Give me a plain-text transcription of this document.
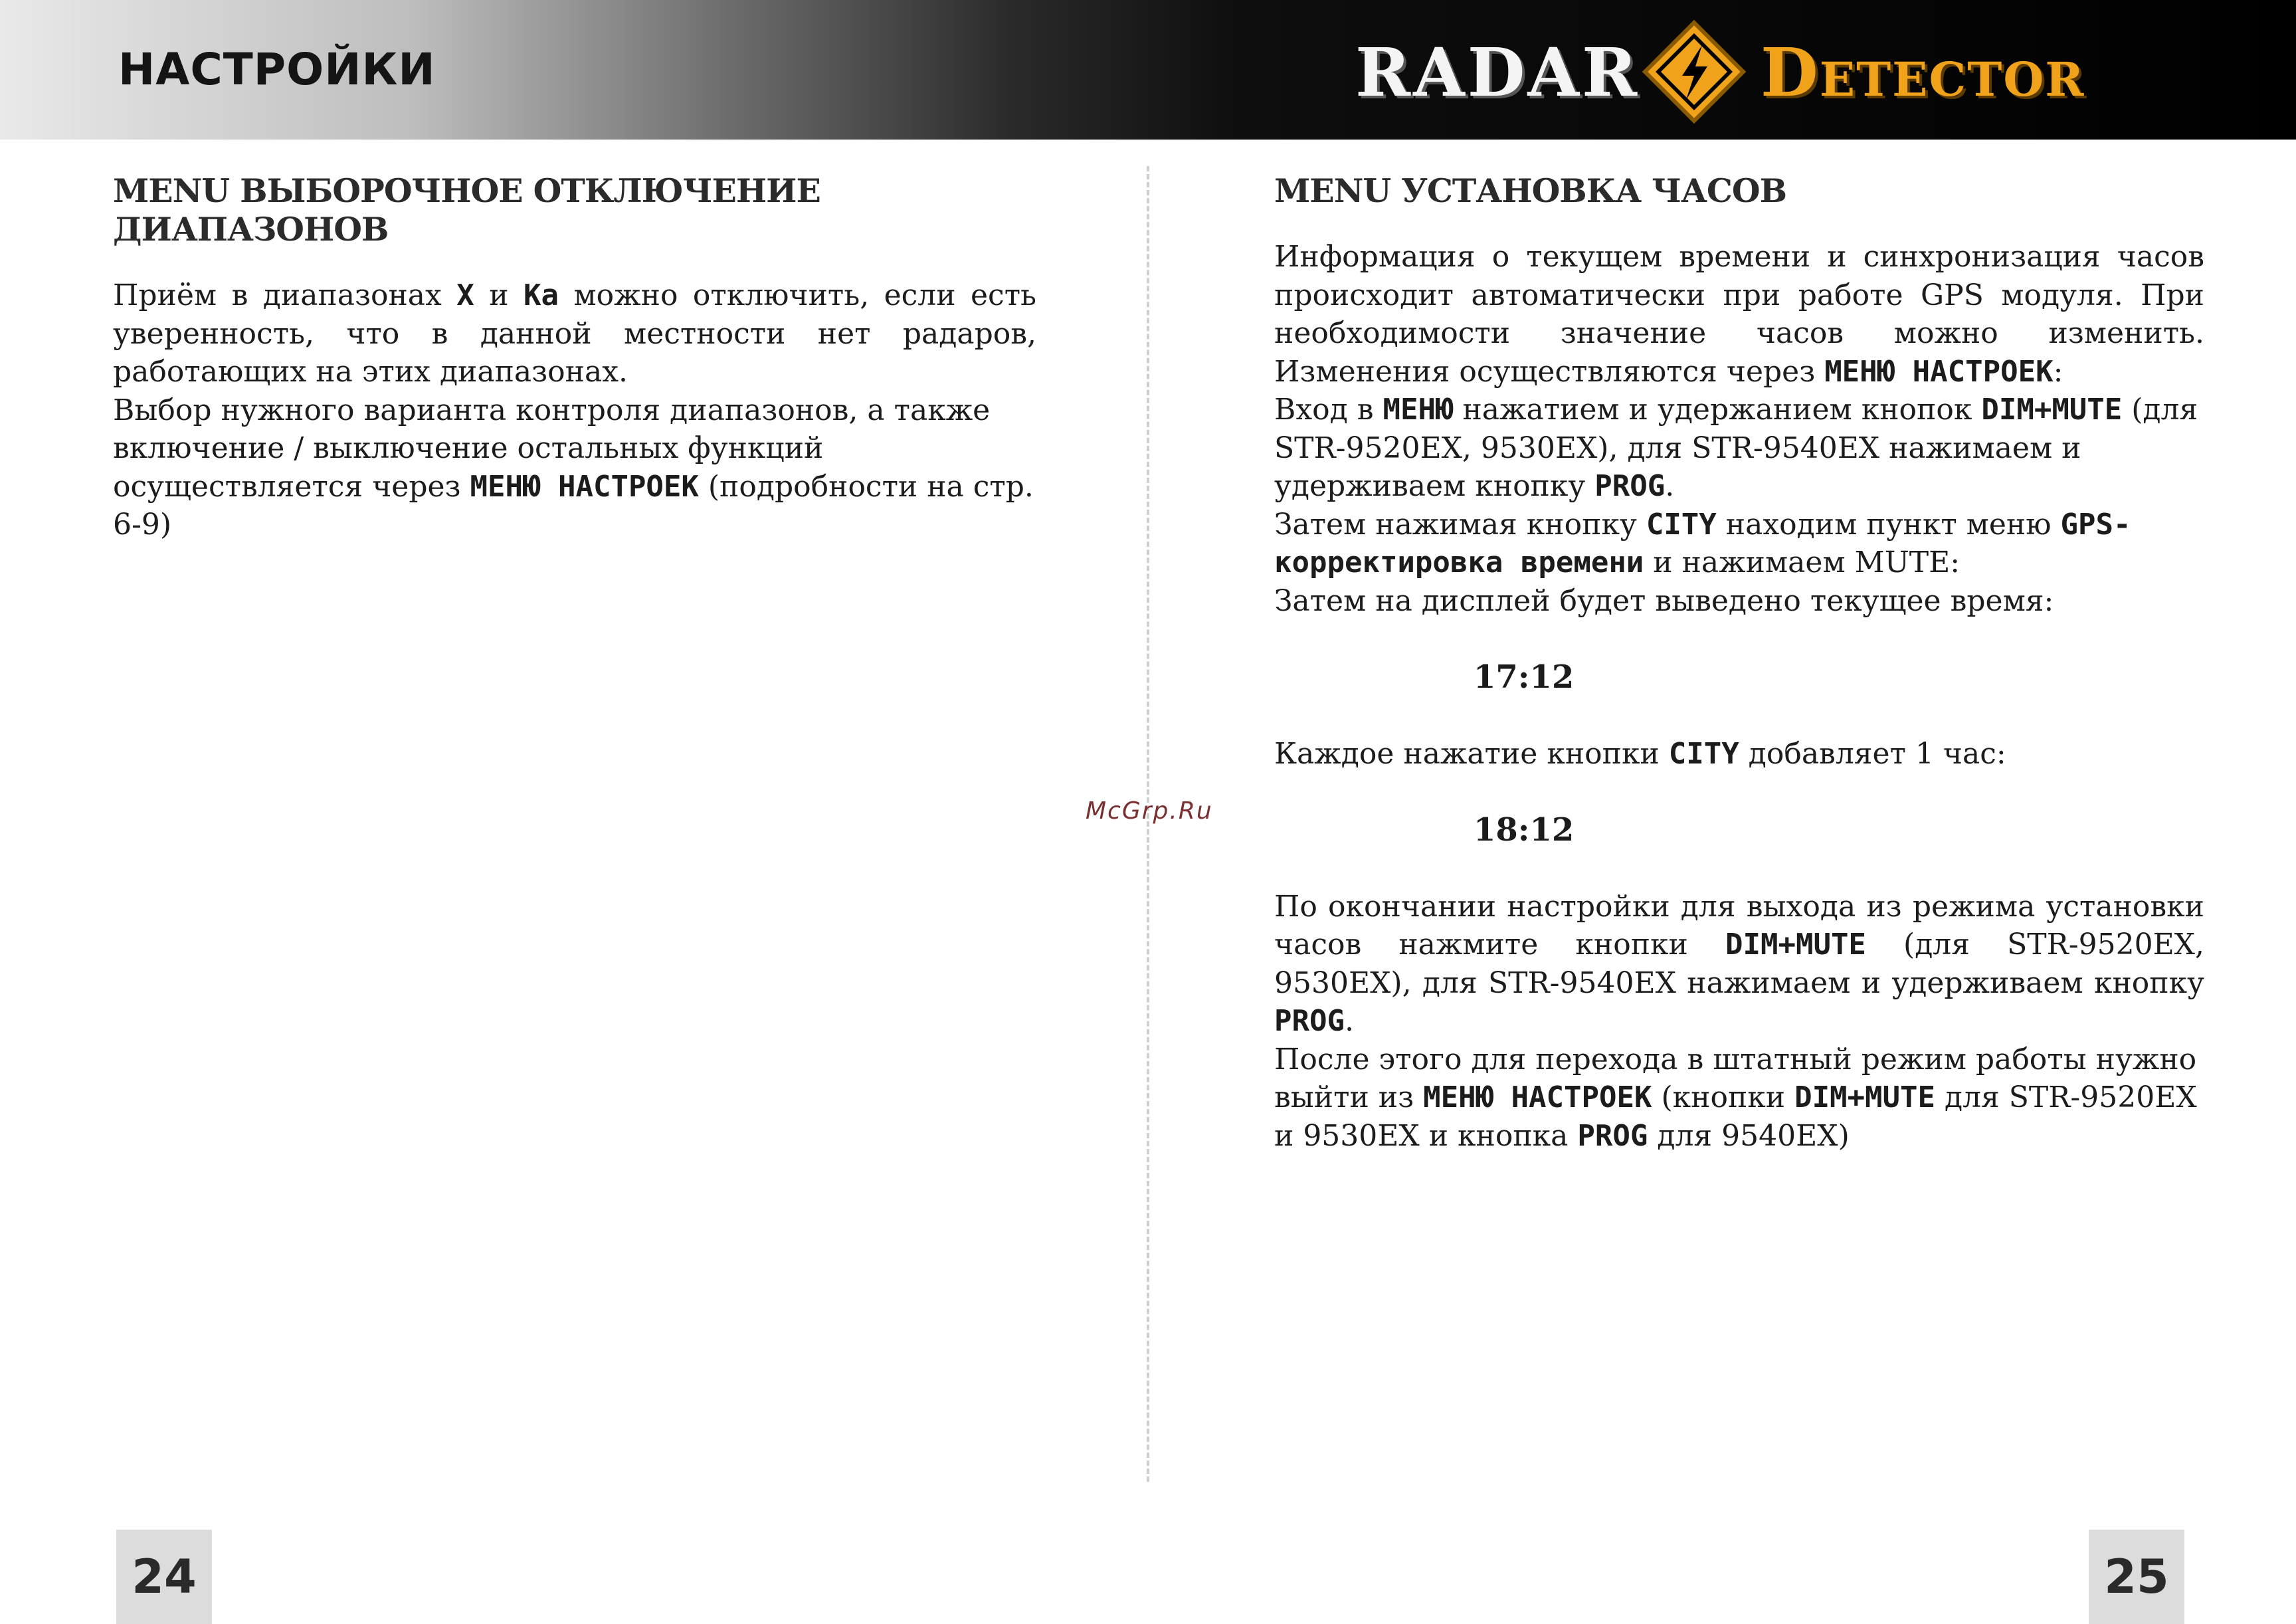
НАСТРОЙКИ	RADAR Detector
MENU ВЫБОРОЧНОЕ ОТКЛЮЧЕНИЕ ДИАПАЗОНОВ

Приём в диапазонах X и Ka можно отключить, если есть уверенность, что в данной местности нет радаров, работающих на этих диапазонах.

Выбор нужного варианта контроля диапазонов, а также включение / выключение остальных функций осуществляется через МЕНЮ НАСТРОЕК (подробности на стр. 6-9)

McGrp.Ru
MENU УСТАНОВКА ЧАСОВ

Информация о текущем времени и синхронизация часов происходит автоматически при работе GPS модуля. При необходимости значение часов можно изменить. Изменения осуществляются через МЕНЮ НАСТРОЕК:

Вход в МЕНЮ нажатием и удержанием кнопок DIM+MUTE (для STR-9520EX, 9530EX), для STR-9540EX нажимаем и удерживаем кнопку PROG.

Затем нажимая кнопку CITY находим пункт меню GPS-корректировка времени и нажимаем MUTE:

Затем на дисплей будет выведено текущее время:

17:12

Каждое нажатие кнопки CITY добавляет 1 час:

18:12

По окончании настройки для выхода из режима установки часов нажмите кнопки DIM+MUTE (для STR-9520EX, 9530EX), для STR-9540EX нажимаем и удерживаем кнопку PROG.

После этого для перехода в штатный режим работы нужно выйти из МЕНЮ НАСТРОЕК (кнопки DIM+MUTE для STR-9520EX и 9530EX и кнопка PROG для 9540EX)

24	25
